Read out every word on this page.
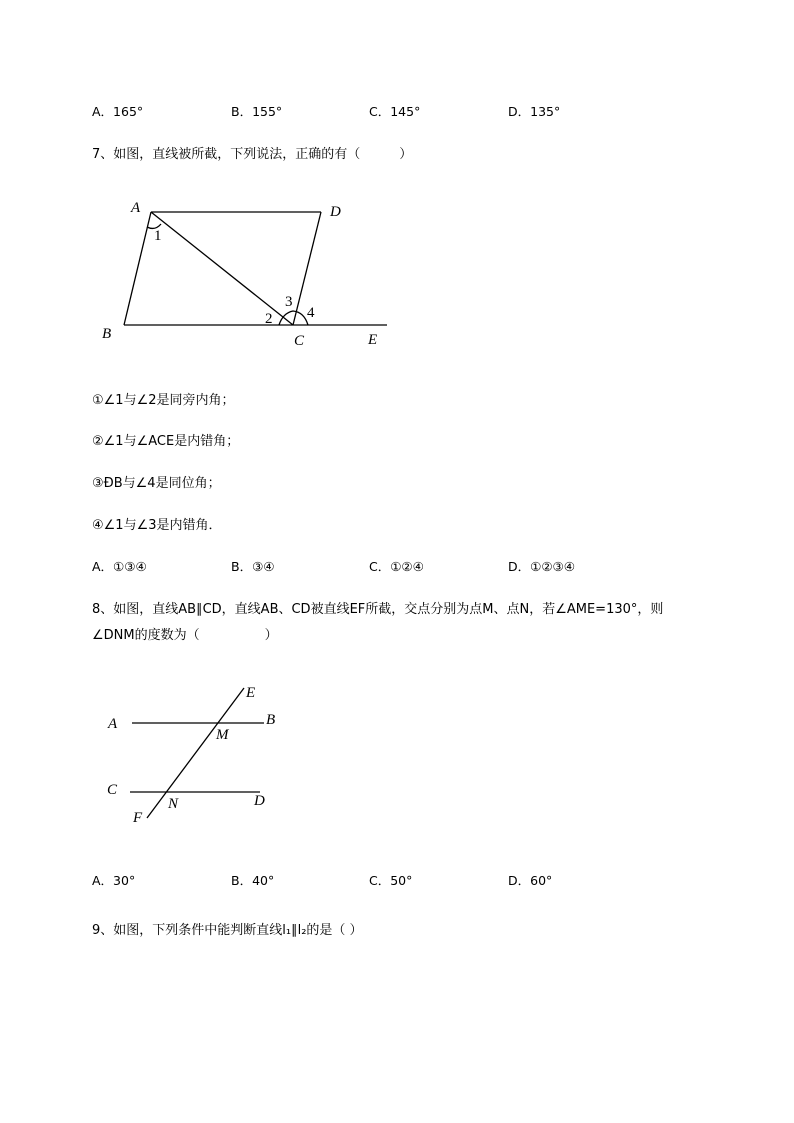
A．165°	B．155°	C．145°	D．135°
7、如图，直线被所截，下列说法，正确的有（　　　）
A	D
B	C	E
1
2
3
4
①∠1与∠2是同旁内角；
②∠1与∠ACE是内错角；
③ÐB与∠4是同位角；
④∠1与∠3是内错角．
A．①③④	B．③④	C．①②④	D．①②③④
8、如图，直线AB∥CD，直线AB、CD被直线EF所截，交点分别为点M、点N，若∠AME=130°，则
∠DNM的度数为（　　　　　）
A	B
C
D
E
F
M
N
A．30°	B．40°	C．50°	D．60°
9、如图，下列条件中能判断直线l₁∥l₂的是（ ）
